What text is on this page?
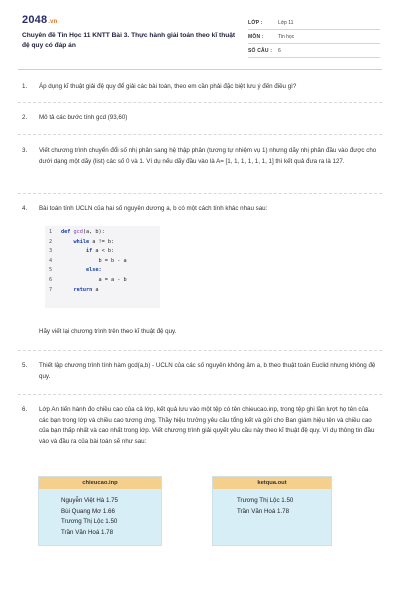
2048.vn
Chuyên đề Tin Học 11 KNTT Bài 3. Thực hành giải toán theo kĩ thuật đệ quy có đáp án
LỚP :	Lớp 11
MÔN :	Tin học
SỐ CÂU : 6
1. Áp dụng kĩ thuật giải đệ quy để giải các bài toán, theo em cần phải đặc biệt lưu ý đến điều gì?
2. Mô tả các bước tính gcd (93,60)
3. Viết chương trình chuyển đổi số nhị phân sang hệ thập phân (tương tự nhiệm vụ 1) nhưng dãy nhị phân đầu vào được cho dưới dạng một dãy (list) các số 0 và 1. Ví dụ nếu dãy đầu vào là A= [1, 1, 1, 1, 1, 1, 1] thì kết quả đưa ra là 127.
4. Bài toán tính UCLN của hai số nguyên dương a, b có một cách tính khác nhau sau:
1	def gcd(a, b):
2	while a != b:
3	if a < b:
4	b = b - a
5	else:
6	a = a - b
7	return a
Hãy viết lại chương trình trên theo kĩ thuật đệ quy.
5. Thiết lập chương trình tính hàm gcd(a,b) - UCLN của các số nguyên không âm a, b theo thuật toán Euclid nhưng không đệ quy.
6. Lớp An tiến hành đo chiều cao của cả lớp, kết quả lưu vào một tệp có tên chieucao.inp, trong tệp ghi lần lượt họ tên của các bạn trong lớp và chiều cao tương ứng. Thầy hiệu trưởng yêu cầu tổng kết và gửi cho Ban giám hiệu tên và chiều cao của bạn thấp nhất và cao nhất trong lớp. Viết chương trình giải quyết yêu cầu này theo kĩ thuật đệ quy. Ví dụ thông tin đầu vào và đầu ra của bài toán sẽ như sau:
chieucao.inp
Nguyễn Việt Hà 1.75
Bùi Quang Mơ 1.66
Trương Thị Lộc 1.50
Trần Văn Hoá 1.78
ketqua.out
Trương Thị Lộc 1.50
Trần Văn Hoá 1.78
